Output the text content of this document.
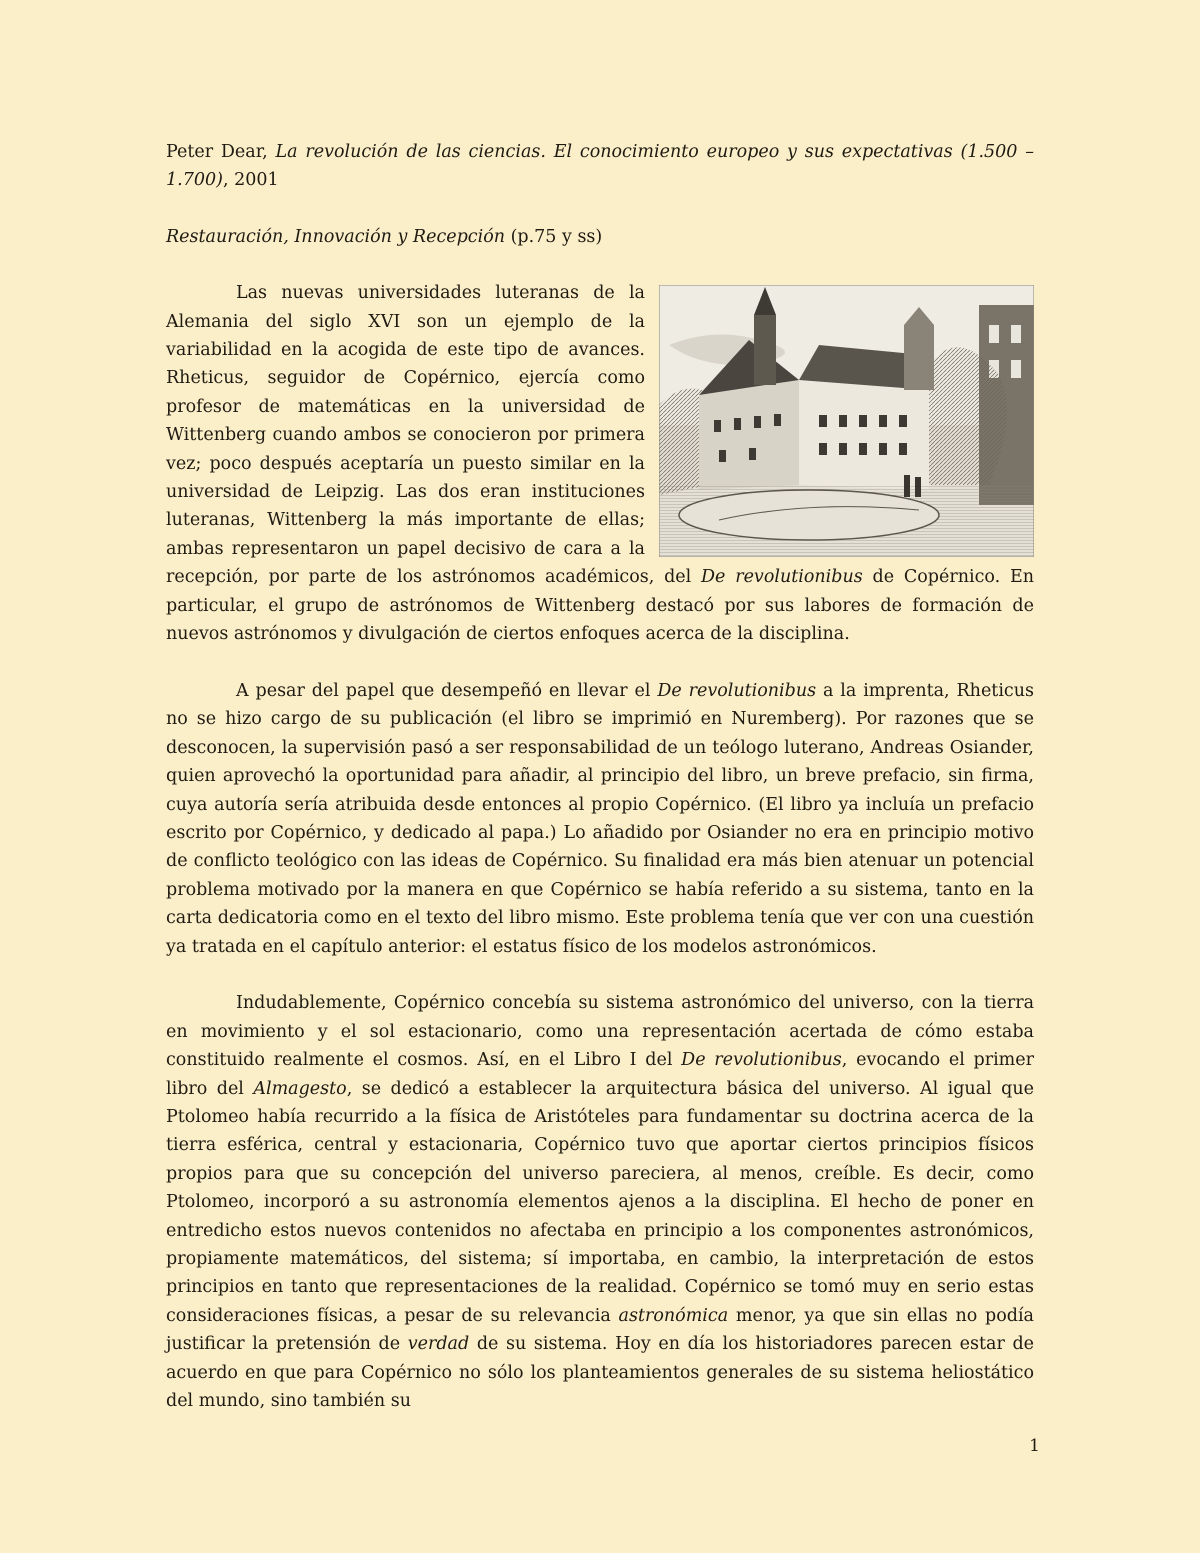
Peter Dear, La revolución de las ciencias. El conocimiento europeo y sus expectativas (1.500 – 1.700), 2001

Restauración, Innovación y Recepción (p.75 y ss)

Las nuevas universidades luteranas de la Alemania del siglo XVI son un ejemplo de la variabilidad en la acogida de este tipo de avances. Rheticus, seguidor de Copérnico, ejercía como profesor de matemáticas en la universidad de Wittenberg cuando ambos se conocieron por primera vez; poco después aceptaría un puesto similar en la universidad de Leipzig. Las dos eran instituciones luteranas, Wittenberg la más importante de ellas; ambas representaron un papel decisivo de cara a la recepción, por parte de los astrónomos académicos, del De revolutionibus de Copérnico. En particular, el grupo de astrónomos de Wittenberg destacó por sus labores de formación de nuevos astrónomos y divulgación de ciertos enfoques acerca de la disciplina.

A pesar del papel que desempeñó en llevar el De revolutionibus a la imprenta, Rheticus no se hizo cargo de su publicación (el libro se imprimió en Nuremberg). Por razones que se desconocen, la supervisión pasó a ser responsabilidad de un teólogo luterano, Andreas Osiander, quien aprovechó la oportunidad para añadir, al principio del libro, un breve prefacio, sin firma, cuya autoría sería atribuida desde entonces al propio Copérnico. (El libro ya incluía un prefacio escrito por Copérnico, y dedicado al papa.) Lo añadido por Osiander no era en principio motivo de conflicto teológico con las ideas de Copérnico. Su finalidad era más bien atenuar un potencial problema motivado por la manera en que Copérnico se había referido a su sistema, tanto en la carta dedicatoria como en el texto del libro mismo. Este problema tenía que ver con una cuestión ya tratada en el capítulo anterior: el estatus físico de los modelos astronómicos.

Indudablemente, Copérnico concebía su sistema astronómico del universo, con la tierra en movimiento y el sol estacionario, como una representación acertada de cómo estaba constituido realmente el cosmos. Así, en el Libro I del De revolutionibus, evocando el primer libro del Almagesto, se dedicó a establecer la arquitectura básica del universo. Al igual que Ptolomeo había recurrido a la física de Aristóteles para fundamentar su doctrina acerca de la tierra esférica, central y estacionaria, Copérnico tuvo que aportar ciertos principios físicos propios para que su concepción del universo pareciera, al menos, creíble. Es decir, como Ptolomeo, incorporó a su astronomía elementos ajenos a la disciplina. El hecho de poner en entredicho estos nuevos contenidos no afectaba en principio a los componentes astronómicos, propiamente matemáticos, del sistema; sí importaba, en cambio, la interpretación de estos principios en tanto que representaciones de la realidad. Copérnico se tomó muy en serio estas consideraciones físicas, a pesar de su relevancia astronómica menor, ya que sin ellas no podía justificar la pretensión de verdad de su sistema. Hoy en día los historiadores parecen estar de acuerdo en que para Copérnico no sólo los planteamientos generales de su sistema heliostático del mundo, sino también su

1
